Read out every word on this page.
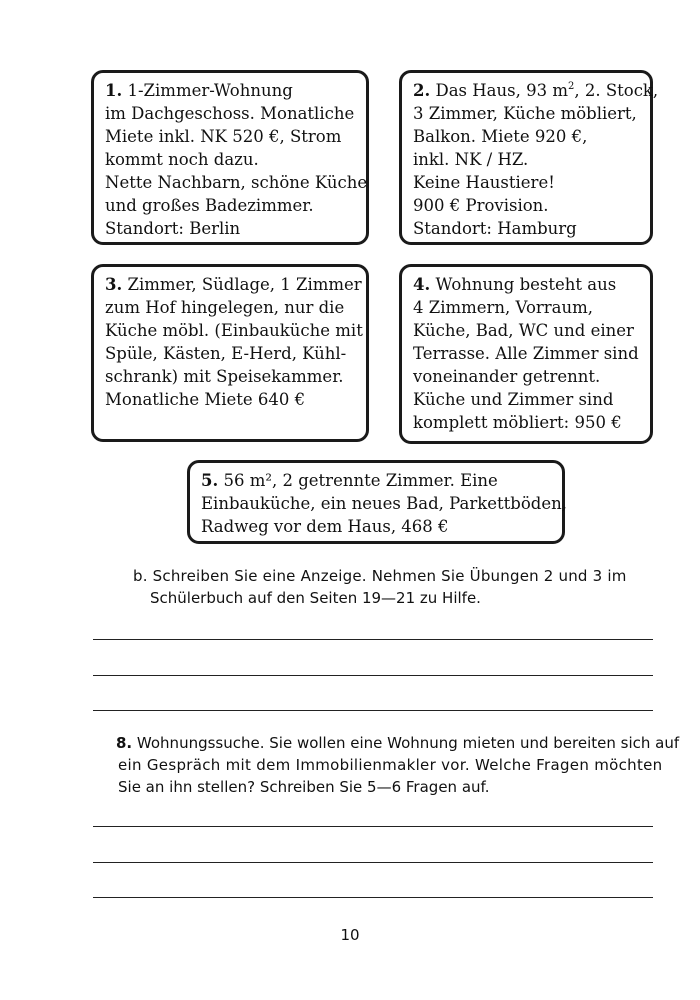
1. 1-Zimmer-Wohnung
im Dachgeschoss. Monatliche
Miete inkl. NK 520 €, Strom
kommt noch dazu.
Nette Nachbarn, schöne Küche
und großes Badezimmer.
Standort: Berlin
2. Das Haus, 93 $m^2$, 2. Stock,
3 Zimmer, Küche möbliert,
Balkon. Miete 920 €,
inkl. NK / HZ.
Keine Haustiere!
900 € Provision.
Standort: Hamburg
3. Zimmer, Südlage, 1 Zimmer
zum Hof hingelegen, nur die
Küche möbl. (Einbauküche mit
Spüle, Kästen, E-Herd, Kühl-
schrank) mit Speisekammer.
Monatliche Miete 640 €
4. Wohnung besteht aus
4 Zimmern, Vorraum,
Küche, Bad, WC und einer
Terrasse. Alle Zimmer sind
voneinander getrennt.
Küche und Zimmer sind
komplett möbliert: 950 €
5. 56 m², 2 getrennte Zimmer. Eine
Einbauküche, ein neues Bad, Parkettböden,
Radweg vor dem Haus, 468 €
b. Schreiben Sie eine Anzeige. Nehmen Sie Übungen 2 und 3 im
Schülerbuch auf den Seiten 19—21 zu Hilfe.
8. Wohnungssuche. Sie wollen eine Wohnung mieten und bereiten sich auf
ein Gespräch mit dem Immobilienmakler vor. Welche Fragen möchten
Sie an ihn stellen? Schreiben Sie 5—6 Fragen auf.
10
